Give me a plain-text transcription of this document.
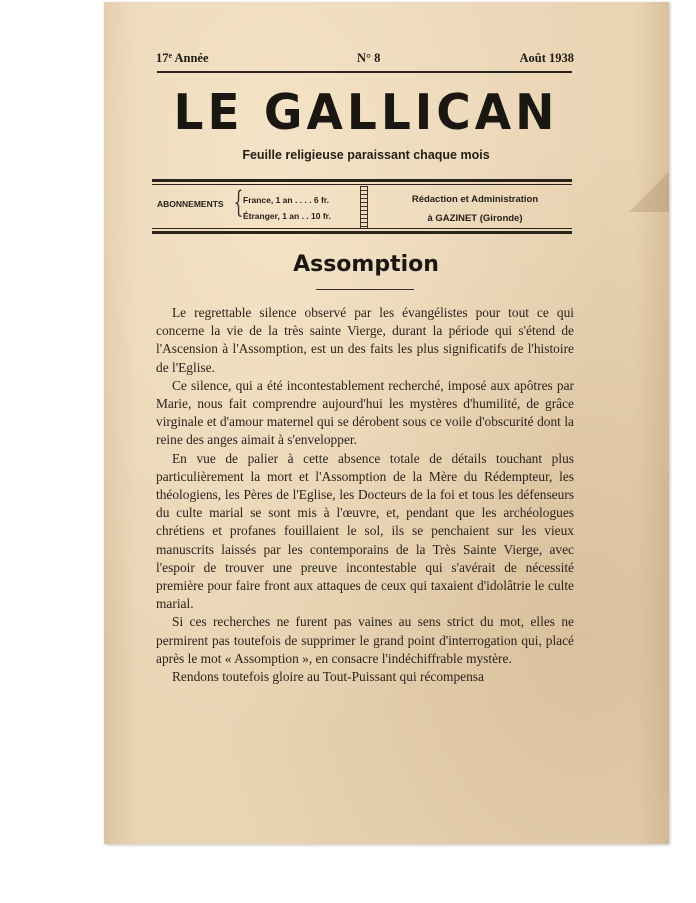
17e Année	N° 8	Août 1938
LE GALLICAN
Feuille religieuse paraissant chaque mois
ABONNEMENTS { France, 1 an . . . . 6 fr.
Étranger, 1 an . . 10 fr.
Rédaction et Administration
à GAZINET (Gironde)
Assomption

Le regrettable silence observé par les évangélistes pour tout ce qui concerne la vie de la très sainte Vierge, durant la période qui s'étend de l'Ascension à l'Assomption, est un des faits les plus significatifs de l'histoire de l'Eglise.

Ce silence, qui a été incontestablement recherché, imposé aux apôtres par Marie, nous fait comprendre aujourd'hui les mystères d'humilité, de grâce virginale et d'amour maternel qui se dérobent sous ce voile d'obscurité dont la reine des anges aimait à s'envelopper.

En vue de palier à cette absence totale de détails touchant plus particulièrement la mort et l'Assomption de la Mère du Rédempteur, les théologiens, les Pères de l'Eglise, les Docteurs de la foi et tous les défenseurs du culte marial se sont mis à l'œuvre, et, pendant que les archéologues chrétiens et profanes fouillaient le sol, ils se penchaient sur les vieux manuscrits laissés par les contemporains de la Très Sainte Vierge, avec l'espoir de trouver une preuve incontestable qui s'avérait de nécessité première pour faire front aux attaques de ceux qui taxaient d'idolâtrie le culte marial.

Si ces recherches ne furent pas vaines au sens strict du mot, elles ne permirent pas toutefois de supprimer le grand point d'interrogation qui, placé après le mot « Assomption », en consacre l'indéchiffrable mystère.

Rendons toutefois gloire au Tout-Puissant qui récompensa
